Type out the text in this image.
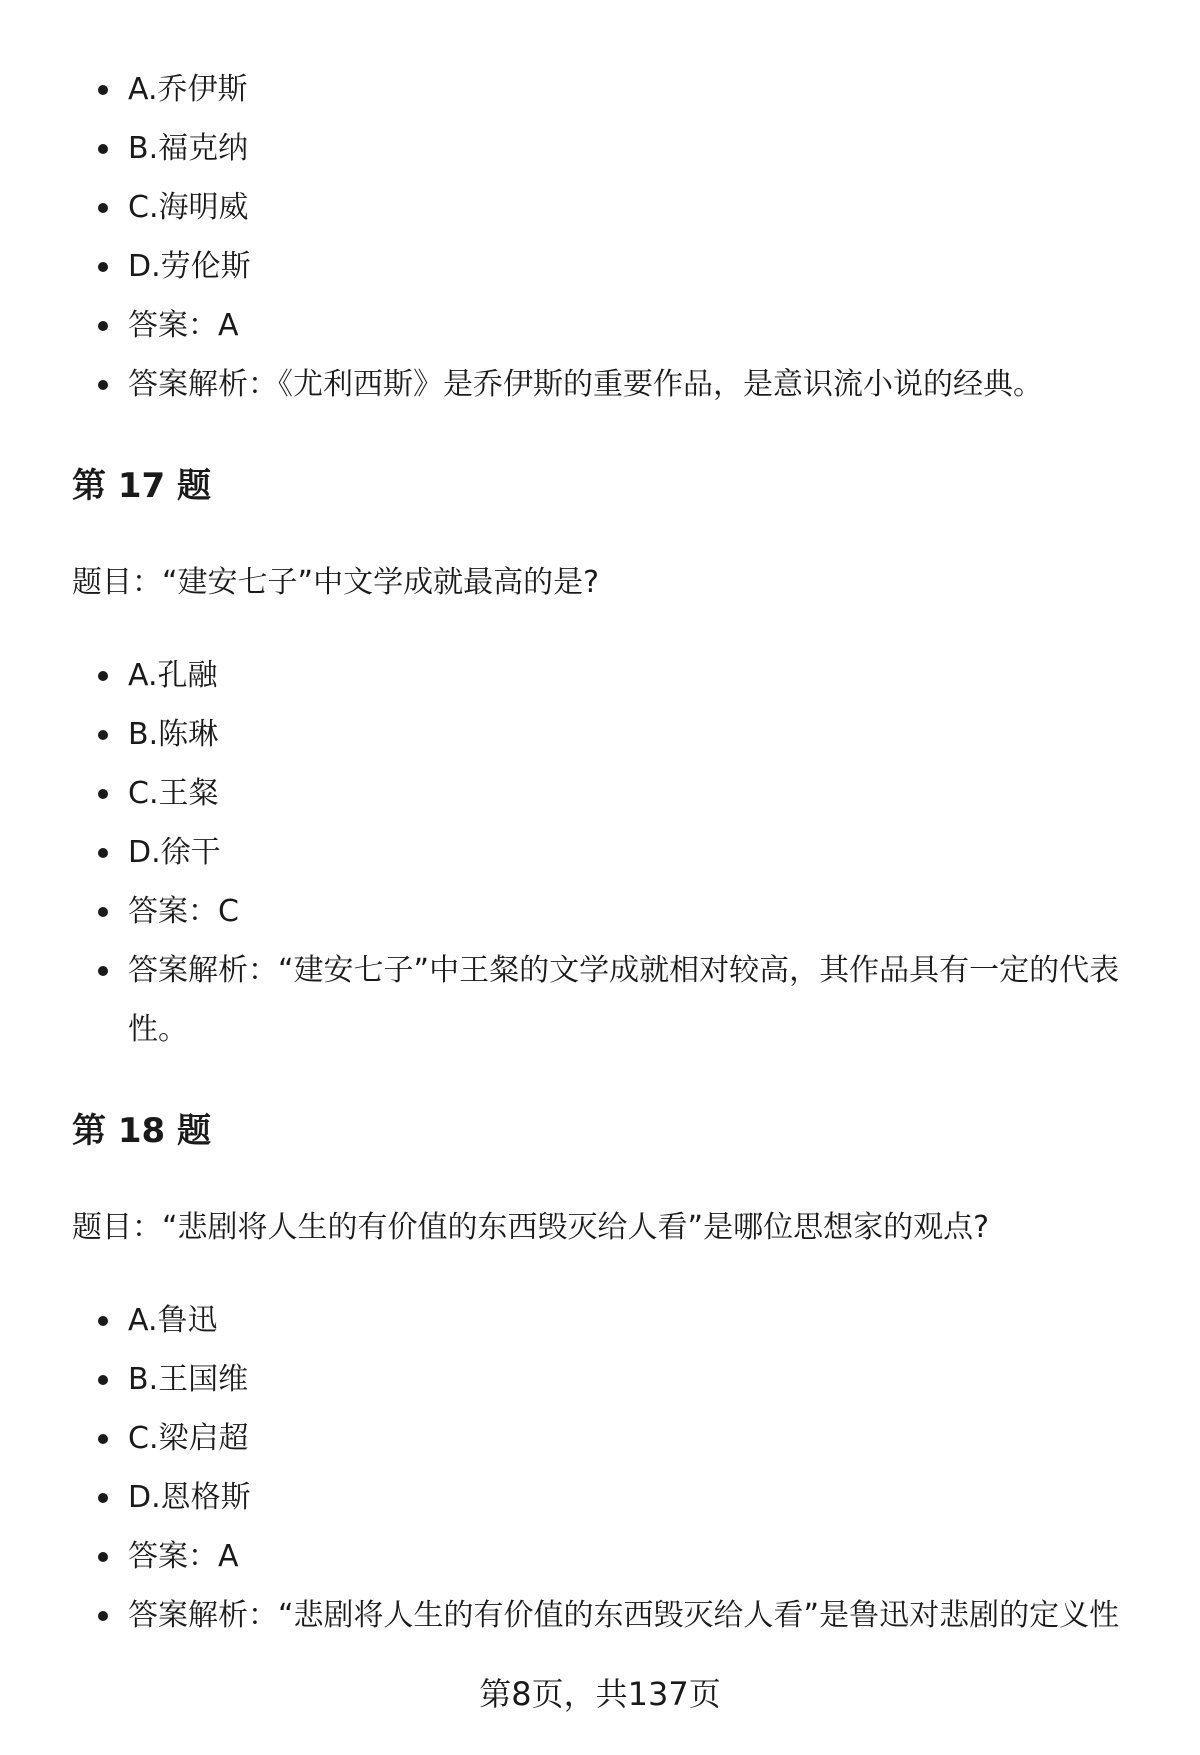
A.乔伊斯
B.福克纳
C.海明威
D.劳伦斯
答案：A
答案解析：《尤利西斯》是乔伊斯的重要作品，是意识流小说的经典。
第 17 题

题目：“建安七子”中文学成就最高的是?

A.孔融
B.陈琳
C.王粲
D.徐干
答案：C
答案解析：“建安七子”中王粲的文学成就相对较高，其作品具有一定的代表性。
第 18 题

题目：“悲剧将人生的有价值的东西毁灭给人看”是哪位思想家的观点?

A.鲁迅
B.王国维
C.梁启超
D.恩格斯
答案：A
答案解析：“悲剧将人生的有价值的东西毁灭给人看”是鲁迅对悲剧的定义性
第8页，共137页
